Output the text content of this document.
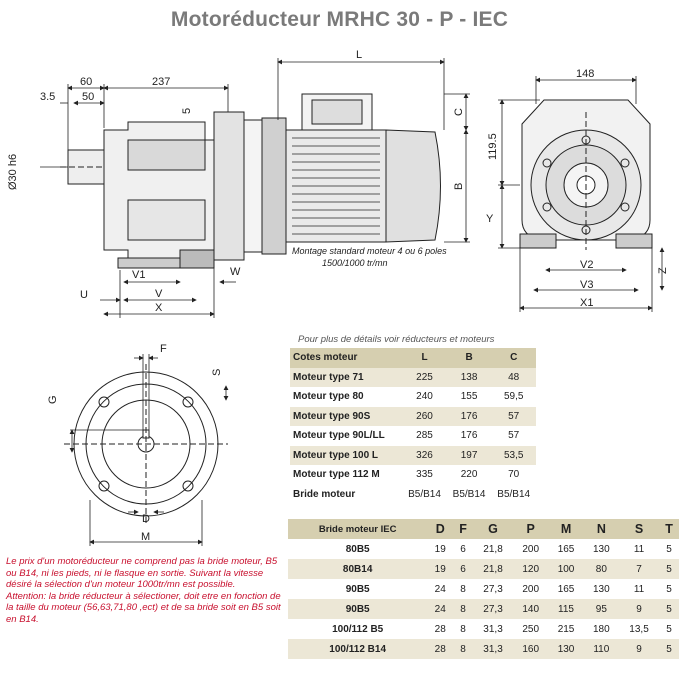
Motoréducteur MRHC 30 - P - IEC
60	237
3.5 50
5
Ø30 h6
L
C
B
V1
V
X
U
W
Montage standard moteur 4 ou 6 poles
1500/1000 tr/mn
148
119.5
Y
Z
V2
V3
X1
F
S
G
D
M
Pour plus de détails voir réducteurs et moteurs
Cotes moteur	L	B	C
Moteur type 71	225	138	48
Moteur type 80	240	155	59,5
Moteur type 90S	260	176	57
Moteur type 90L/LL	285	176	57
Moteur type 100 L	326	197	53,5
Moteur type 112 M	335	220	70
Bride moteur	B5/B14	B5/B14	B5/B14
Bride moteur IEC	D	F	G	P	M	N	S	T
80B5	19	6	21,8	200	165	130	11	5
80B14	19	6	21,8	120	100	80	7	5
90B5	24	8	27,3	200	165	130	11	5
90B5	24	8	27,3	140	115	95	9	5
100/112 B5	28	8	31,3	250	215	180	13,5	5
100/112 B14	28	8	31,3	160	130	110	9	5

Le prix d'un motoréducteur ne comprend pas la bride moteur, B5 ou B14, ni les pieds, ni le flasque en sortie. Suivant la vitesse désiré la sélection d'un moteur 1000tr/mn est possible.

Attention: la bride réducteur à sélectioner, doit etre en fonction de la taille du moteur (56,63,71,80 ,ect) et de sa bride soit en B5 soit en B14.
